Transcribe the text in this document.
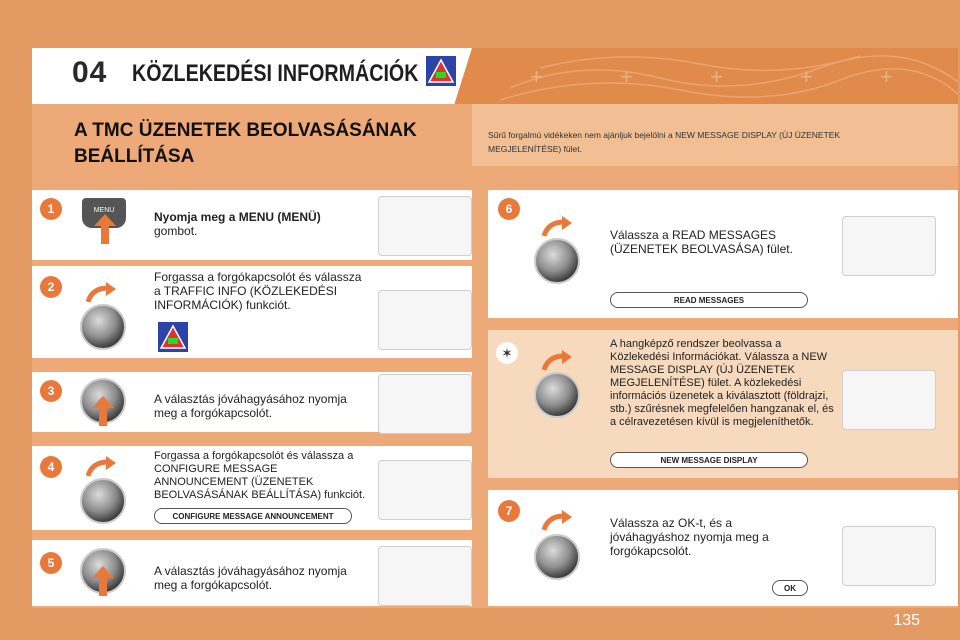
+	+	+	+	+
04 KÖZLEKEDÉSI INFORMÁCIÓK
A TMC ÜZENETEK BEOLVASÁSÁNAK BEÁLLÍTÁSA
Sűrű forgalmú vidékeken nem ajánljuk bejelölni a NEW MESSAGE DISPLAY (ÚJ ÜZENETEK MEGJELENÍTÉSE) fület.
1	MENU	Nyomja meg a MENU (MENÜ)
gombot.
2
Forgassa a forgókapcsolót és válassza a TRAFFIC INFO (KÖZLEKEDÉSI INFORMÁCIÓK) funkciót.
3
A választás jóváhagyásához nyomja meg a forgókapcsolót.
4
Forgassa a forgókapcsolót és válassza a CONFIGURE MESSAGE ANNOUNCEMENT (ÜZENETEK BEOLVASÁSÁNAK BEÁLLÍTÁSA) funkciót.
CONFIGURE MESSAGE ANNOUNCEMENT
5
A választás jóváhagyásához nyomja meg a forgókapcsolót.
6
Válassza a READ MESSAGES (ÜZENETEK BEOLVASÁSA) fület.
READ MESSAGES
✶
A hangképző rendszer beolvassa a Közlekedési Információkat. Válassza a NEW MESSAGE DISPLAY (ÚJ ÜZENETEK MEGJELENÍTÉSE) fület. A közlekedési információs üzenetek a kiválasztott (földrajzi, stb.) szűrésnek megfelelően hangzanak el, és a célravezetésen kívül is megjeleníthetők.
NEW MESSAGE DISPLAY
7
Válassza az OK-t, és a jóváhagyáshoz nyomja meg a forgókapcsolót.
OK
135
